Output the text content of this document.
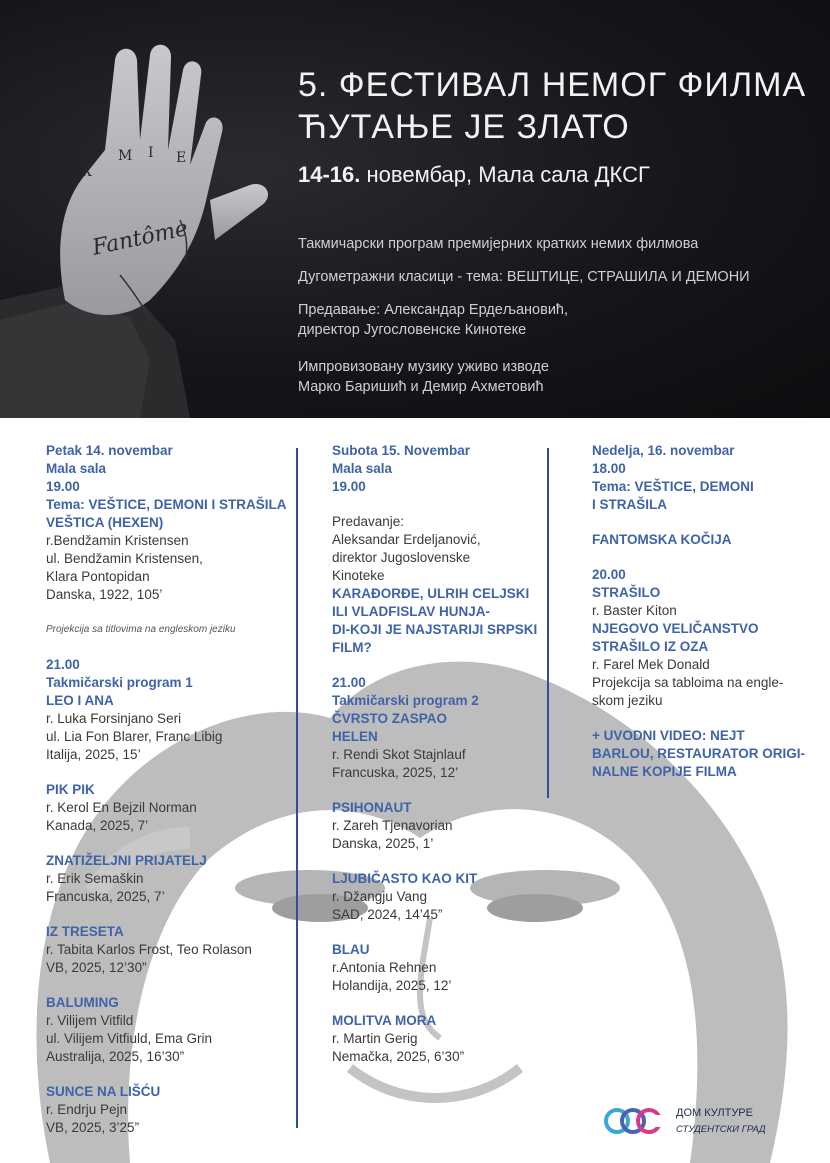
X
M I E
Fantôme
5. ФЕСТИВАЛ НЕМОГ ФИЛМА
ЋУТАЊЕ ЈЕ ЗЛАТО
14-16. новембар, Мала сала ДКСГ
Такмичарски програм премијерних кратких немих филмова
Дугометражни класици - тема: ВЕШТИЦЕ, СТРАШИЛА И ДЕМОНИ
Предавање: Александар Ердељановић,
директор Југословенске Кинотеке
Импровизовану музику уживо изводе
Марко Баришић и Демир Ахметовић
Petak 14. novembar
Mala sala
19.00
Tema: VEŠTICE, DEMONI I STRAŠILA
VEŠTICA (HEXEN)
r.Bendžamin Kristensen
ul. Bendžamin Kristensen,
Klara Pontopidan
Danska, 1922, 105’
Projekcija sa titlovima na engleskom jeziku
21.00
Takmičarski program 1
LEO I ANA
r. Luka Forsinjano Seri
ul. Lia Fon Blarer, Franc Libig
Italija, 2025, 15’
PIK PIK
r. Kerol En Bejzil Norman
Kanada, 2025, 7’
ZNATIŽELJNI PRIJATELJ
r. Erik Semaškin
Francuska, 2025, 7’
IZ TRESETA
r. Tabita Karlos Frost, Teo Rolason
VB, 2025, 12’30”
BALUMING
r. Vilijem Vitfild
ul. Vilijem Vitfiuld, Ema Grin
Australija, 2025, 16’30”
SUNCE NA LIŠĆU
r. Endrju Pejn
VB, 2025, 3’25”
Subota 15. Novembar
Mala sala
19.00
Predavanje:
Aleksandar Erdeljanović,
direktor Jugoslovenske
Kinoteke
KARAĐORĐE, ULRIH CELJSKI
ILI VLADFISLAV HUNJA-
DI-KOJI JE NAJSTARIJI SRPSKI
FILM?
21.00
Takmičarski program 2
ČVRSTO ZASPAO
HELEN
r. Rendi Skot Stajnlauf
Francuska, 2025, 12’
PSIHONAUT
r. Zareh Tjenavorian
Danska, 2025, 1’
LJUBIČASTO KAO KIT
r. Džangju Vang
SAD, 2024, 14’45”
BLAU
r.Antonia Rehnen
Holandija, 2025, 12’
MOLITVA MORA
r. Martin Gerig
Nemačka, 2025, 6’30”
Nedelja, 16. novembar
18.00
Tema: VEŠTICE, DEMONI
I STRAŠILA
FANTOMSKA KOČIJA
20.00
STRAŠILO
r. Baster Kiton
NJEGOVO VELIČANSTVO
STRAŠILO IZ OZA
r. Farel Mek Donald
Projekcija sa tabloima na engle-
skom jeziku
+ UVODNI VIDEO: NEJT
BARLOU, RESTAURATOR ORIGI-
NALNE KOPIJE FILMA
ДОМ КУЛТУРЕ
СТУДЕНТСКИ ГРАД
